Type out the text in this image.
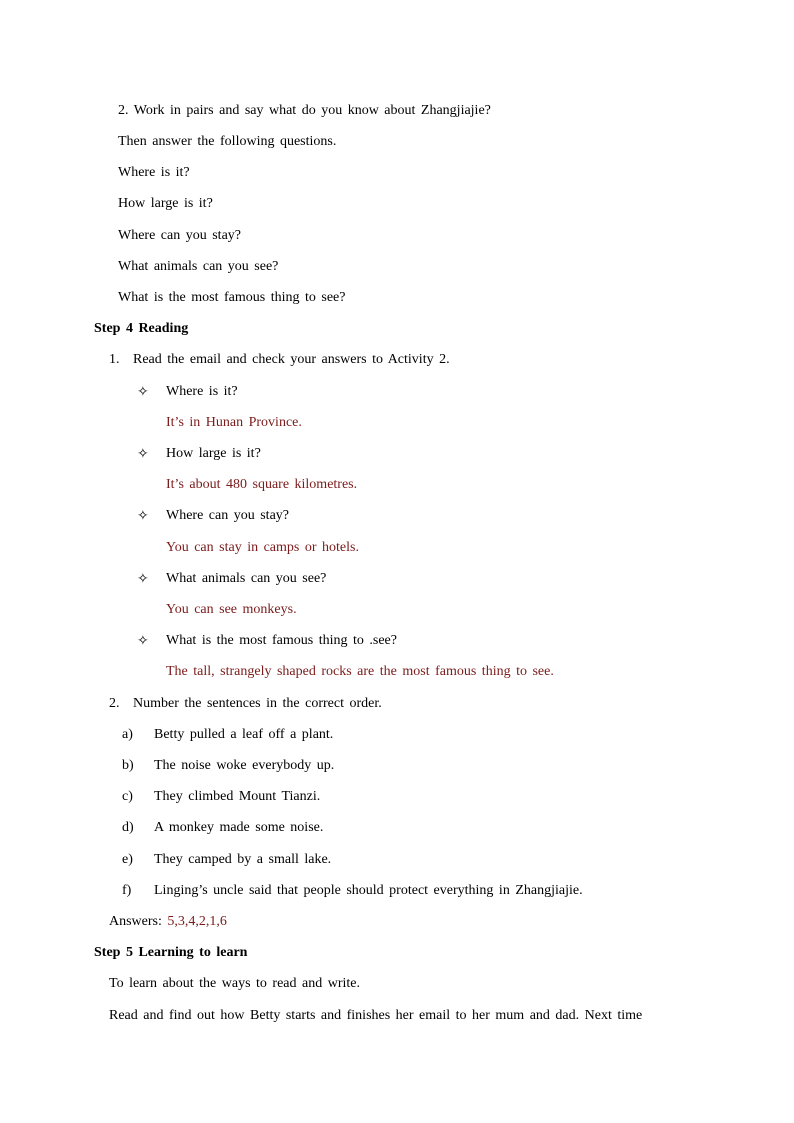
2. Work in pairs and say what do you know about Zhangjiajie?
Then answer the following questions.
Where is it?
How large is it?
Where can you stay?
What animals can you see?
What is the most famous thing to see?
Step 4 Reading
1. Read the email and check your answers to Activity 2.
✧ Where is it?
It’s in Hunan Province.
✧ How large is it?
It’s about 480 square kilometres.
✧ Where can you stay?
You can stay in camps or hotels.
✧ What animals can you see?
You can see monkeys.
✧ What is the most famous thing to .see?
The tall, strangely shaped rocks are the most famous thing to see.
2. Number the sentences in the correct order.
a) Betty pulled a leaf off a plant.
b) The noise woke everybody up.
c) They climbed Mount Tianzi.
d) A monkey made some noise.
e) They camped by a small lake.
f) Linging’s uncle said that people should protect everything in Zhangjiajie.
Answers: 5,3,4,2,1,6
Step 5 Learning to learn
To learn about the ways to read and write.
Read and find out how Betty starts and finishes her email to her mum and dad. Next time
